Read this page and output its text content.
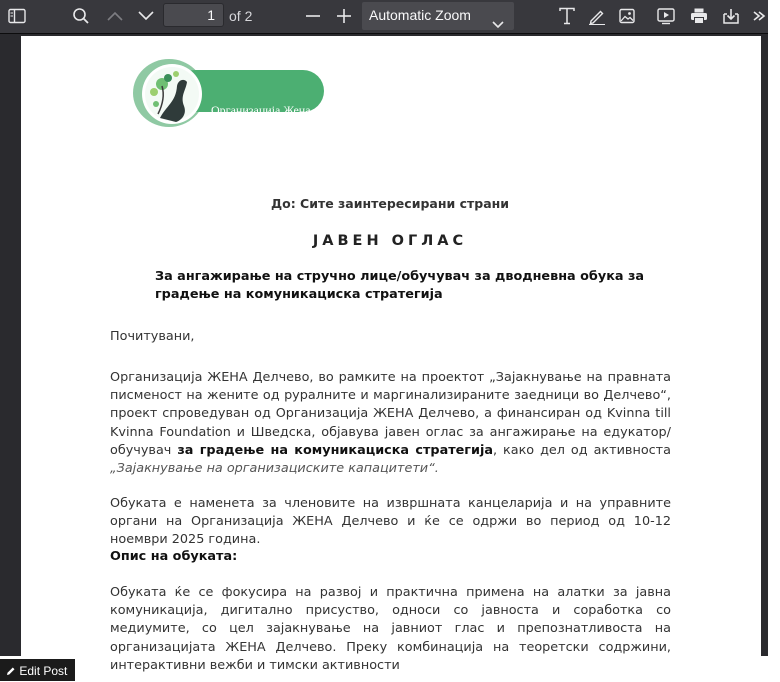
1	of 2	Automatic Zoom
Организација Жена
Делчево
До: Сите заинтересирани страни
ЈАВЕН ОГЛАС
За ангажирање на стручно лице/обучувач за дводневна обука за градење на комуникациска стратегија
Почитувани,
Организација ЖЕНА Делчево, во рамките на проектот „Зајакнување на правната писменост на жените од руралните и маргинализираните заедници во Делчево“, проект спроведуван од Организација ЖЕНА Делчево, а финансиран од Kvinna till Kvinna Foundation и Шведска, објавува јавен оглас за ангажирање на едукатор/обучувач за градење на комуникациска стратегија, како дел од активноста „Зајакнување на организациските капацитети“.
Обуката е наменета за членовите на извршната канцеларија и на управните органи на Организација ЖЕНА Делчево и ќе се одржи во период од 10-12 ноември 2025 година.
Опис на обуката:
Обуката ќе се фокусира на развој и практична примена на алатки за јавна комуникација, дигитално присуство, односи со јавноста и соработка со медиумите, со цел зајакнување на јавниот глас и препознатливоста на организацијата ЖЕНА Делчево. Преку комбинација на теоретски содржини, интерактивни вежби и тимски активности
Edit Post
